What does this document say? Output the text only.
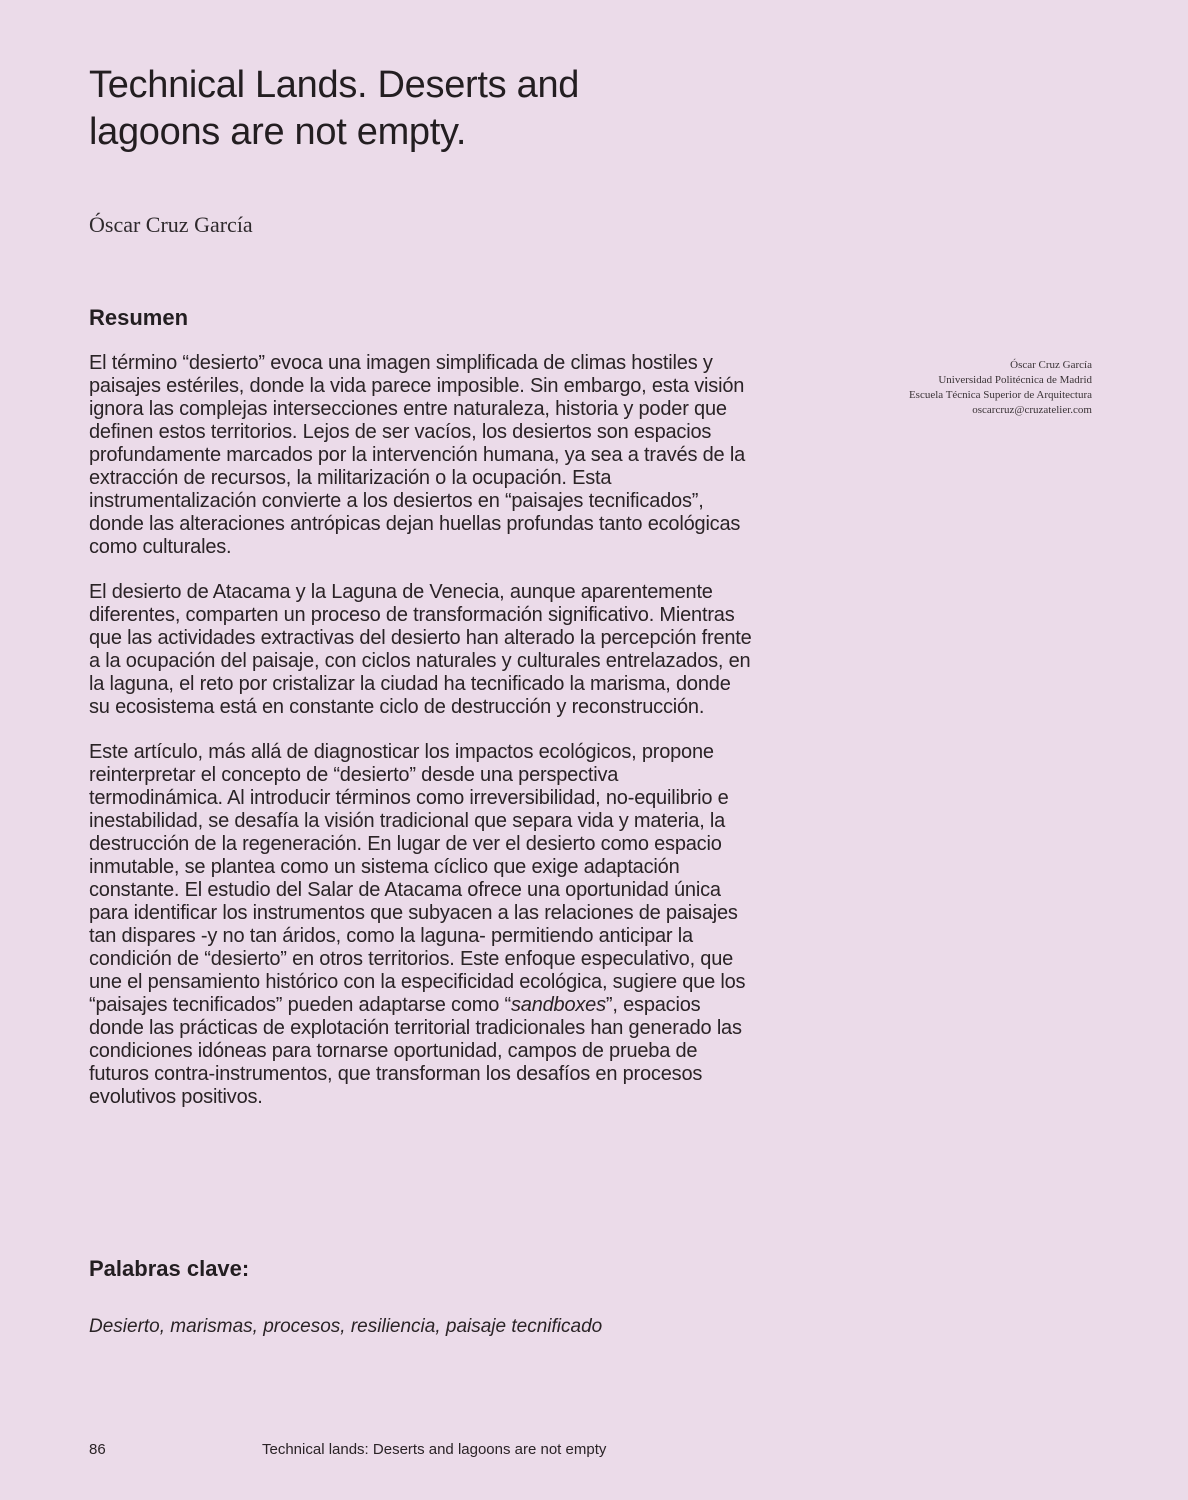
Technical Lands. Deserts and
lagoons are not empty.
Óscar Cruz García
Óscar Cruz García
Universidad Politécnica de Madrid
Escuela Técnica Superior de Arquitectura
oscarcruz@cruzatelier.com
Resumen

El término “desierto” evoca una imagen simplificada de climas hostiles y paisajes estériles, donde la vida parece imposible. Sin embargo, esta visión ignora las complejas intersecciones entre naturaleza, historia y poder que definen estos territorios. Lejos de ser vacíos, los desiertos son espacios profundamente marcados por la intervención humana, ya sea a través de la extracción de recursos, la militarización o la ocupación. Esta instrumentalización convierte a los desiertos en “paisajes tecnificados”, donde las alteraciones antrópicas dejan huellas profundas tanto ecológicas como culturales.

El desierto de Atacama y la Laguna de Venecia, aunque aparentemente diferentes, comparten un proceso de transformación significativo. Mientras que las actividades extractivas del desierto han alterado la percepción frente a la ocupación del paisaje, con ciclos naturales y culturales entrelazados, en la laguna, el reto por cristalizar la ciudad ha tecnificado la marisma, donde su ecosistema está en constante ciclo de destrucción y reconstrucción.

Este artículo, más allá de diagnosticar los impactos ecológicos, propone reinterpretar el concepto de “desierto” desde una perspectiva termodinámica. Al introducir términos como irreversibilidad, no-equilibrio e inestabilidad, se desafía la visión tradicional que separa vida y materia, la destrucción de la regeneración. En lugar de ver el desierto como espacio inmutable, se plantea como un sistema cíclico que exige adaptación constante. El estudio del Salar de Atacama ofrece una oportunidad única para identificar los instrumentos que subyacen a las relaciones de paisajes tan dispares -y no tan áridos, como la laguna- permitiendo anticipar la condición de “desierto” en otros territorios. Este enfoque especulativo, que une el pensamiento histórico con la especificidad ecológica, sugiere que los “paisajes tecnificados” pueden adaptarse como “sandboxes”, espacios donde las prácticas de explotación territorial tradicionales han generado las condiciones idóneas para tornarse oportunidad, campos de prueba de futuros contra-instrumentos, que transforman los desafíos en procesos evolutivos positivos.

Palabras clave:
Desierto, marismas, procesos, resiliencia, paisaje tecnificado
86	Technical lands: Deserts and lagoons are not empty
